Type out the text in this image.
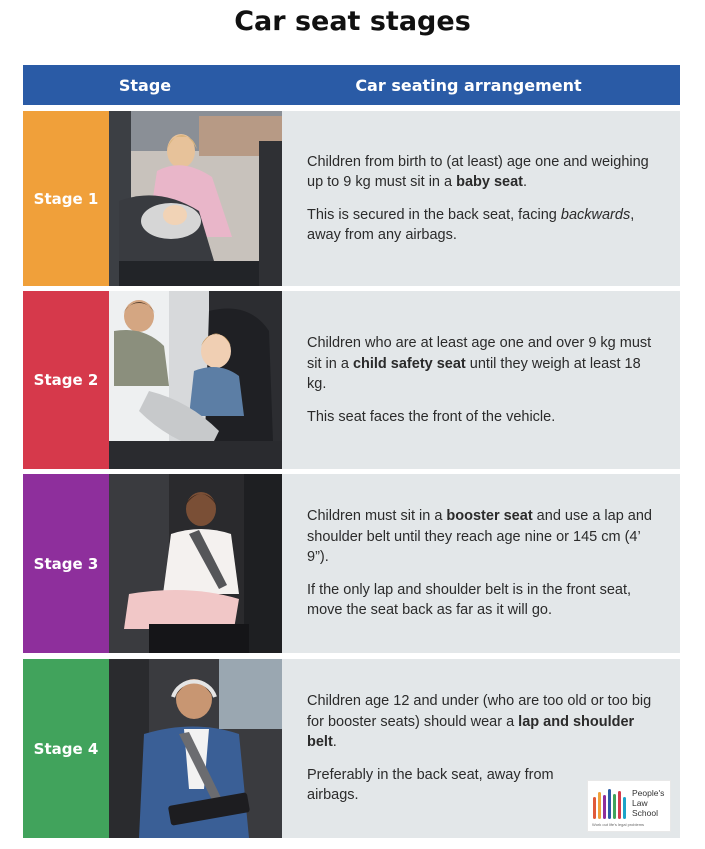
Car seat stages
Stage	Car seating arrangement
Stage 1

Children from birth to (at least) age one and weighing up to 9 kg must sit in a baby seat.

This is secured in the back seat, facing backwards, away from any airbags.

Stage 2

Children who are at least age one and over 9 kg must sit in a child safety seat until they weigh at least 18 kg.

This seat faces the front of the vehicle.

Stage 3

Children must sit in a booster seat and use a lap and shoulder belt until they reach age nine or 145 cm (4’ 9”).

If the only lap and shoulder belt is in the front seat, move the seat back as far as it will go.

Stage 4

Children age 12 and under (who are too old or too big for booster seats) should wear a lap and shoulder belt.

Preferably in the back seat, away from airbags.	People's
Law
School
Work out life's legal problems
